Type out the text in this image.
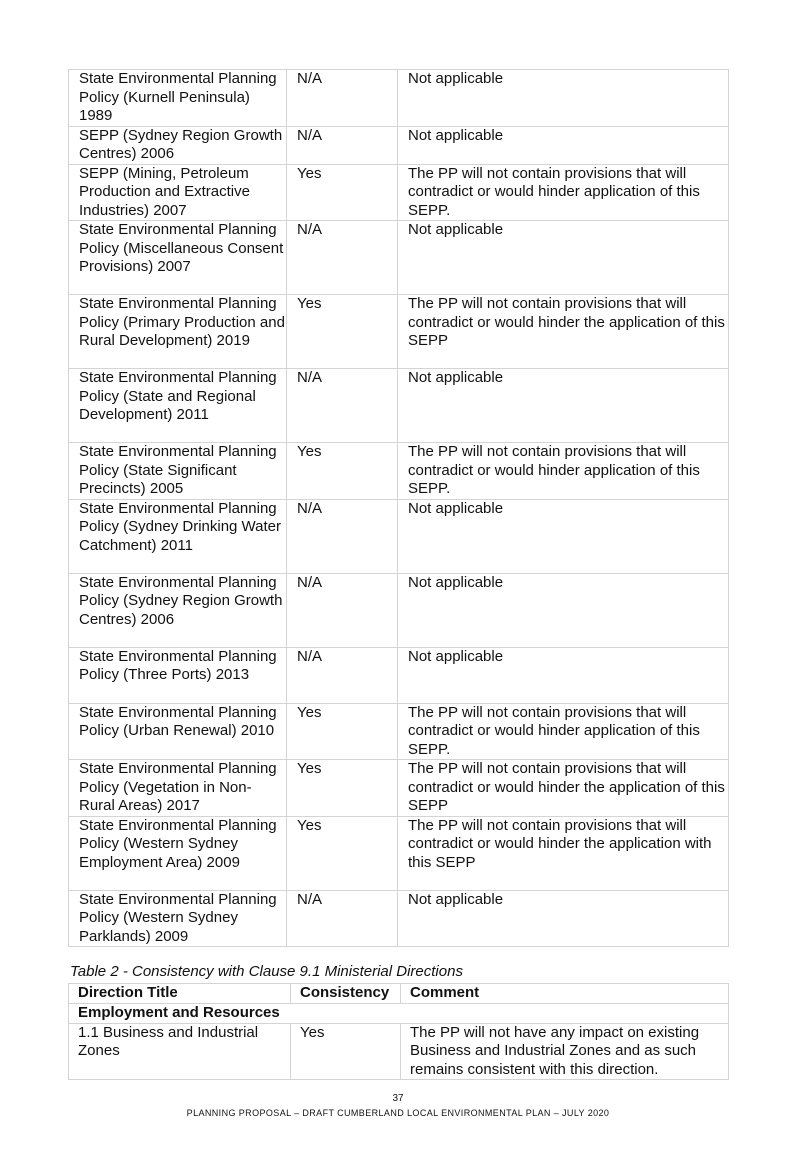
State Environmental Planning Policy (Kurnell Peninsula) 1989	N/A	Not applicable
SEPP (Sydney Region Growth Centres) 2006	N/A	Not applicable
SEPP (Mining, Petroleum Production and Extractive Industries) 2007	Yes	The PP will not contain provisions that will contradict or would hinder application of this SEPP.
State Environmental Planning Policy (Miscellaneous Consent Provisions) 2007	N/A	Not applicable
State Environmental Planning Policy (Primary Production and Rural Development) 2019	Yes	The PP will not contain provisions that will contradict or would hinder the application of this SEPP
State Environmental Planning Policy (State and Regional Development) 2011	N/A	Not applicable
State Environmental Planning Policy (State Significant Precincts) 2005	Yes	The PP will not contain provisions that will contradict or would hinder application of this SEPP.
State Environmental Planning Policy (Sydney Drinking Water Catchment) 2011	N/A	Not applicable
State Environmental Planning Policy (Sydney Region Growth Centres) 2006	N/A	Not applicable
State Environmental Planning Policy (Three Ports) 2013	N/A	Not applicable
State Environmental Planning Policy (Urban Renewal) 2010	Yes	The PP will not contain provisions that will contradict or would hinder application of this SEPP.
State Environmental Planning Policy (Vegetation in Non-Rural Areas) 2017	Yes	The PP will not contain provisions that will contradict or would hinder the application of this SEPP
State Environmental Planning Policy (Western Sydney Employment Area) 2009	Yes	The PP will not contain provisions that will contradict or would hinder the application with this SEPP
State Environmental Planning Policy (Western Sydney Parklands) 2009	N/A	Not applicable
Table 2 - Consistency with Clause 9.1 Ministerial Directions
Direction Title	Consistency	Comment
Employment and Resources		
1.1 Business and Industrial Zones	Yes	The PP will not have any impact on existing Business and Industrial Zones and as such remains consistent with this direction.
37
PLANNING PROPOSAL – DRAFT CUMBERLAND LOCAL ENVIRONMENTAL PLAN – JULY 2020
